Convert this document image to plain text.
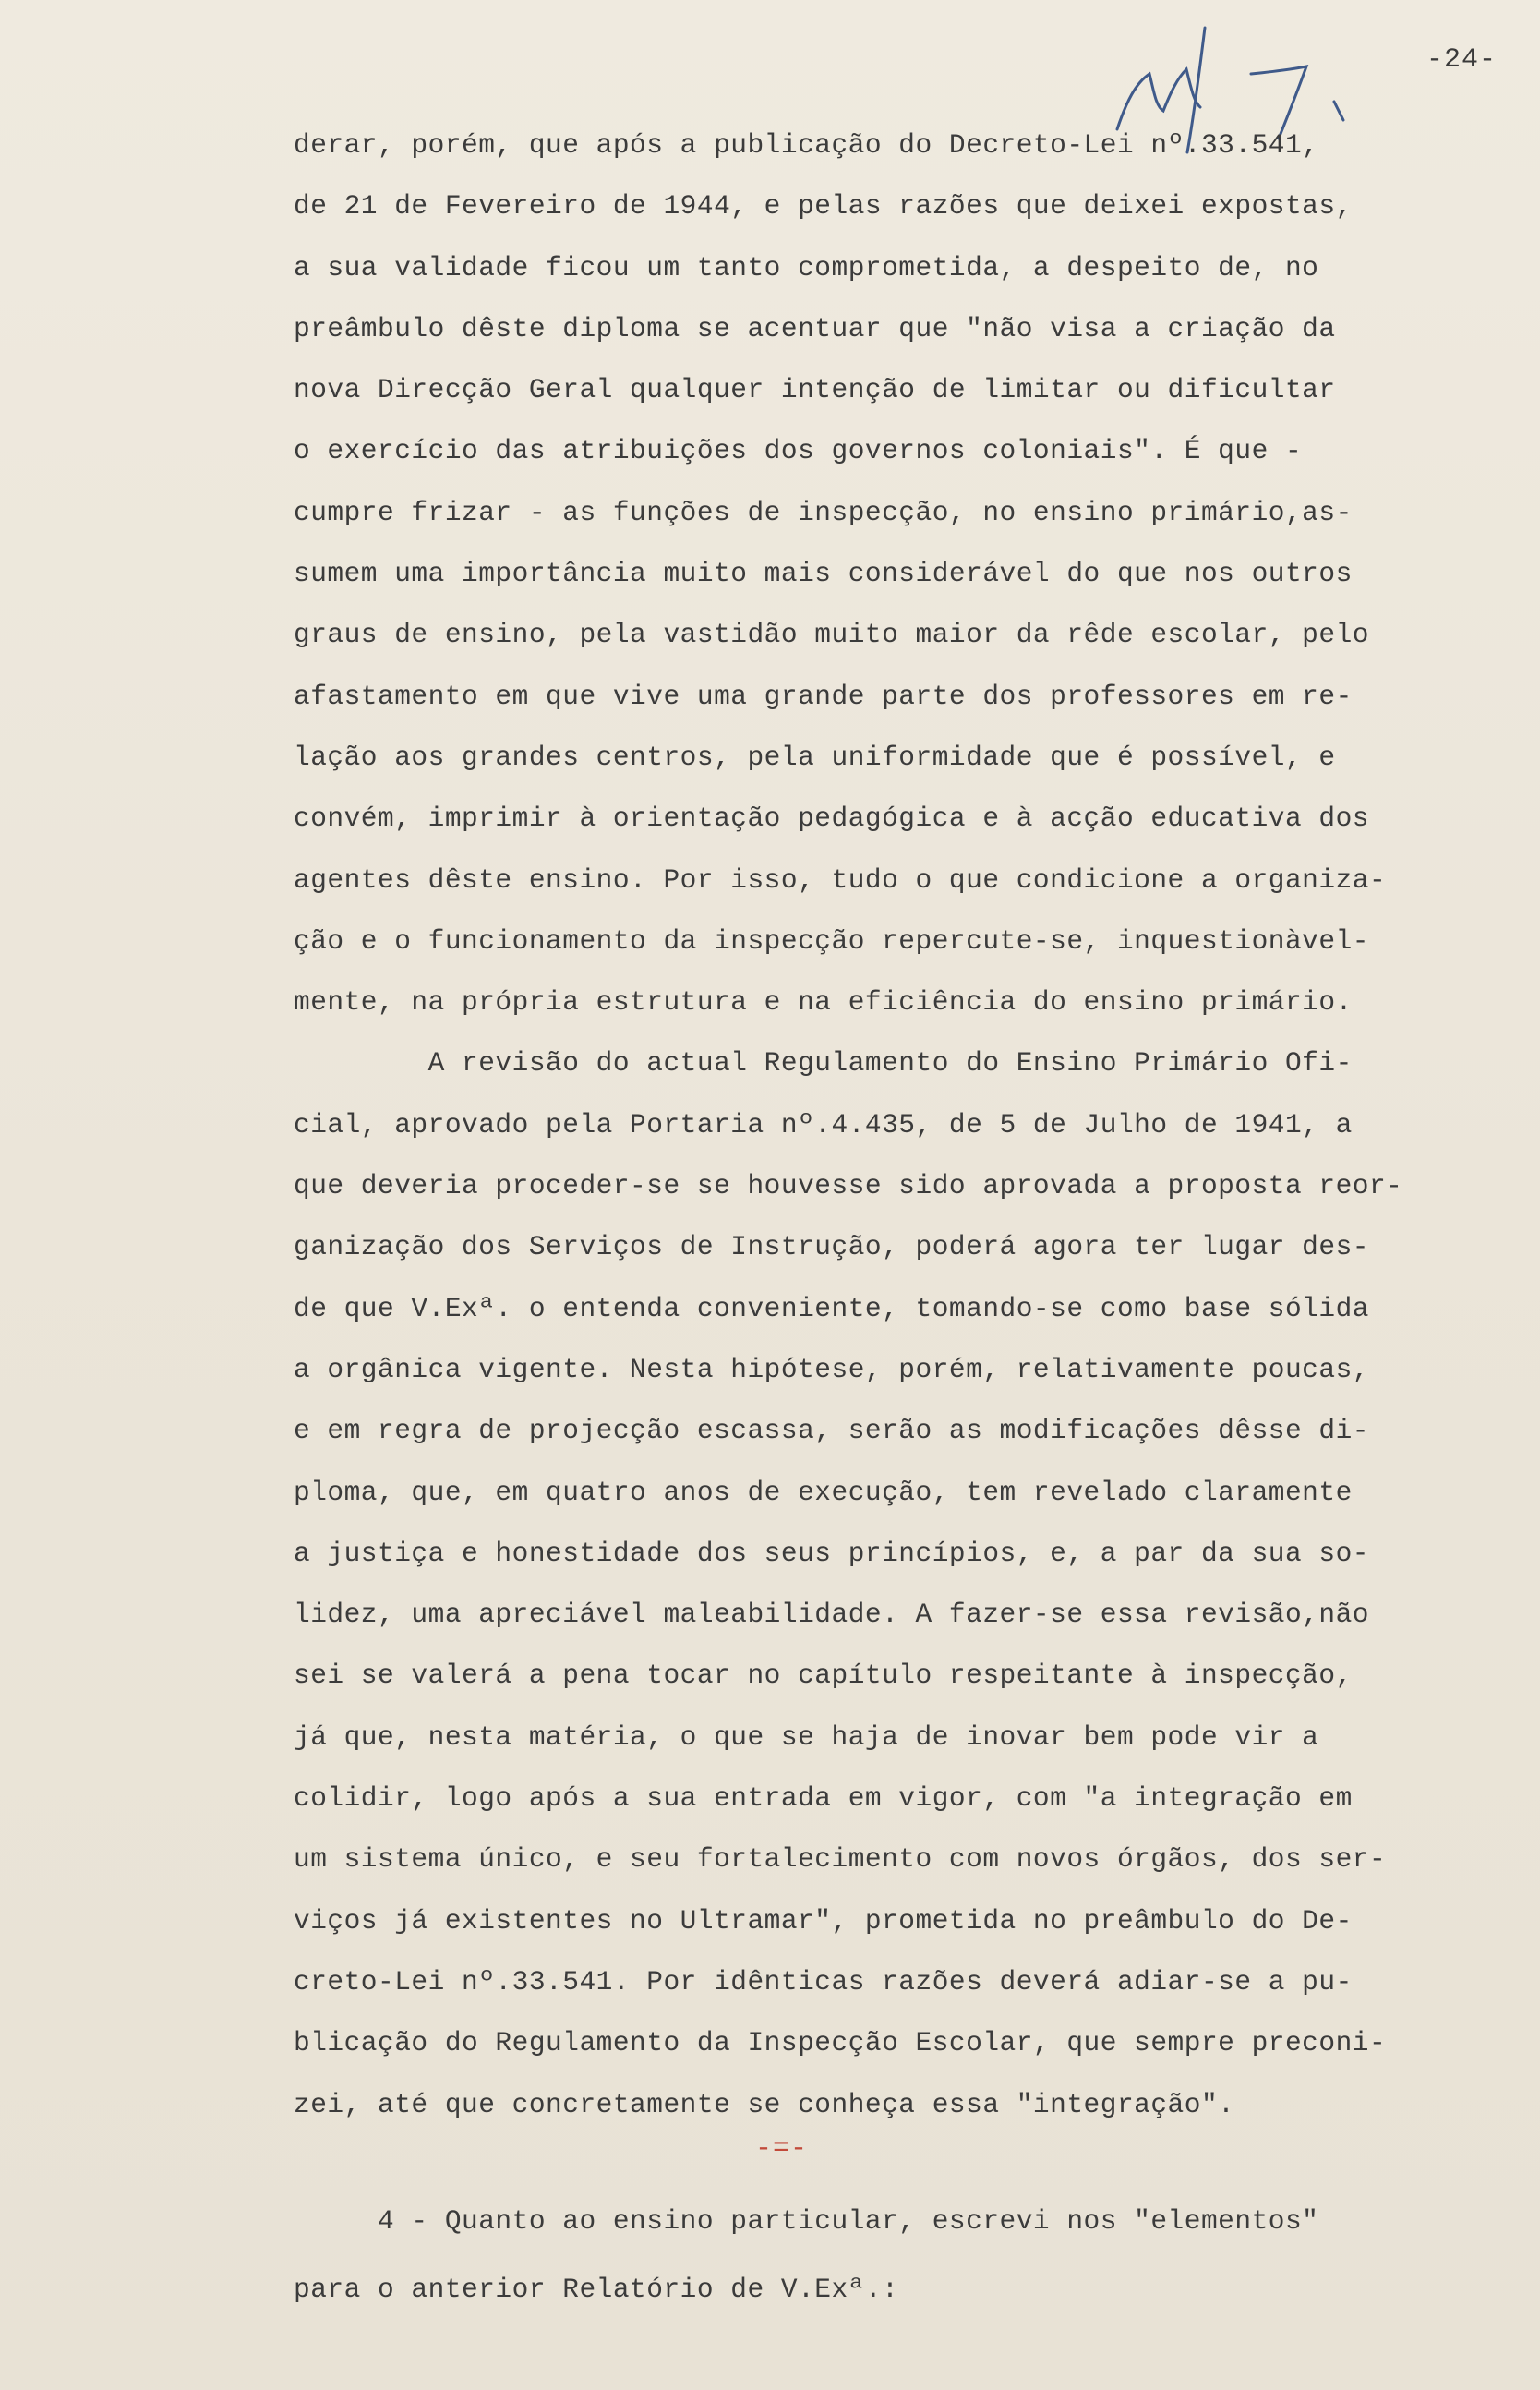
-24-
derar, porém, que após a publicação do Decreto-Lei nº.33.541,
de 21 de Fevereiro de 1944, e pelas razões que deixei expostas,
a sua validade ficou um tanto comprometida, a despeito de, no
preâmbulo dêste diploma se acentuar que "não visa a criação da
nova Direcção Geral qualquer intenção de limitar ou dificultar
o exercício das atribuições dos governos coloniais". É que -
cumpre frizar - as funções de inspecção, no ensino primário,as-
sumem uma importância muito mais considerável do que nos outros
graus de ensino, pela vastidão muito maior da rêde escolar, pelo
afastamento em que vive uma grande parte dos professores em re-
lação aos grandes centros, pela uniformidade que é possível, e
convém, imprimir à orientação pedagógica e à acção educativa dos
agentes dêste ensino. Por isso, tudo o que condicione a organiza-
ção e o funcionamento da inspecção repercute-se, inquestionàvel-
mente, na própria estrutura e na eficiência do ensino primário.
A revisão do actual Regulamento do Ensino Primário Ofi-
cial, aprovado pela Portaria nº.4.435, de 5 de Julho de 1941, a
que deveria proceder-se se houvesse sido aprovada a proposta reor-
ganização dos Serviços de Instrução, poderá agora ter lugar des-
de que V.Exª. o entenda conveniente, tomando-se como base sólida
a orgânica vigente. Nesta hipótese, porém, relativamente poucas,
e em regra de projecção escassa, serão as modificações dêsse di-
ploma, que, em quatro anos de execução, tem revelado claramente
a justiça e honestidade dos seus princípios, e, a par da sua so-
lidez, uma apreciável maleabilidade. A fazer-se essa revisão,não
sei se valerá a pena tocar no capítulo respeitante à inspecção,
já que, nesta matéria, o que se haja de inovar bem pode vir a
colidir, logo após a sua entrada em vigor, com "a integração em
um sistema único, e seu fortalecimento com novos órgãos, dos ser-
viços já existentes no Ultramar", prometida no preâmbulo do De-
creto-Lei nº.33.541. Por idênticas razões deverá adiar-se a pu-
blicação do Regulamento da Inspecção Escolar, que sempre preconi-
zei, até que concretamente se conheça essa "integração".
-=-
4 - Quanto ao ensino particular, escrevi nos "elementos"
para o anterior Relatório de V.Exª.:
